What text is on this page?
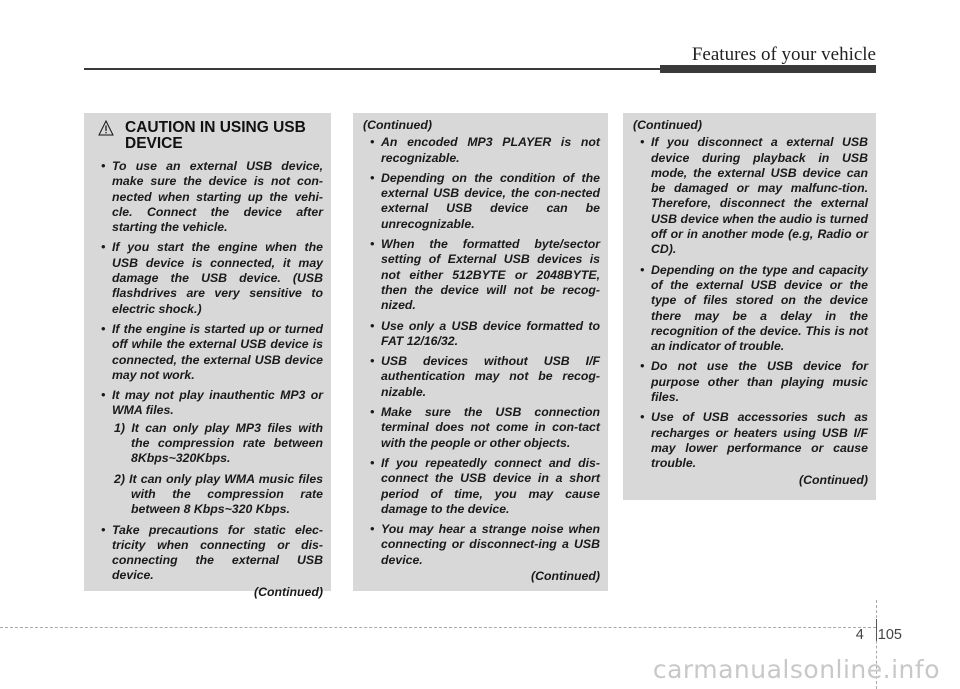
Features of your vehicle
CAUTION IN USING USB

DEVICE
• To use an external USB device, make sure the device is not con-nected when starting up the vehi-cle. Connect the device after starting the vehicle.
• If you start the engine when the USB device is connected, it may damage the USB device. (USB flashdrives are very sensitive to electric shock.)
• If the engine is started up or turned off while the external USB device is connected, the external USB device may not work.
• It may not play inauthentic MP3 or WMA files.
1) It can only play MP3 files with the compression rate between 8Kbps~320Kbps.
2) It can only play WMA music files with the compression rate between 8 Kbps~320 Kbps.
• Take precautions for static elec-tricity when connecting or dis-connecting the external USB device.
(Continued)
(Continued)
• An encoded MP3 PLAYER is not recognizable.
• Depending on the condition of the external USB device, the con-nected external USB device can be unrecognizable.
• When the formatted byte/sector setting of External USB devices is not either 512BYTE or 2048BYTE, then the device will not be recog-nized.
• Use only a USB device formatted to FAT 12/16/32.
• USB devices without USB I/F authentication may not be recog-nizable.
• Make sure the USB connection terminal does not come in con-tact with the people or other objects.
• If you repeatedly connect and dis-connect the USB device in a short period of time, you may cause damage to the device.
• You may hear a strange noise when connecting or disconnect-ing a USB device.
(Continued)
(Continued)
• If you disconnect a external USB device during playback in USB mode, the external USB device can be damaged or may malfunc-tion. Therefore, disconnect the external USB device when the audio is turned off or in another mode (e.g, Radio or CD).
• Depending on the type and capacity of the external USB device or the type of files stored on the device there may be a delay in the recognition of the device. This is not an indicator of trouble.
• Do not use the USB device for purpose other than playing music files.
• Use of USB accessories such as recharges or heaters using USB I/F may lower performance or cause trouble.
(Continued)
4 105
carmanualsonline.info
